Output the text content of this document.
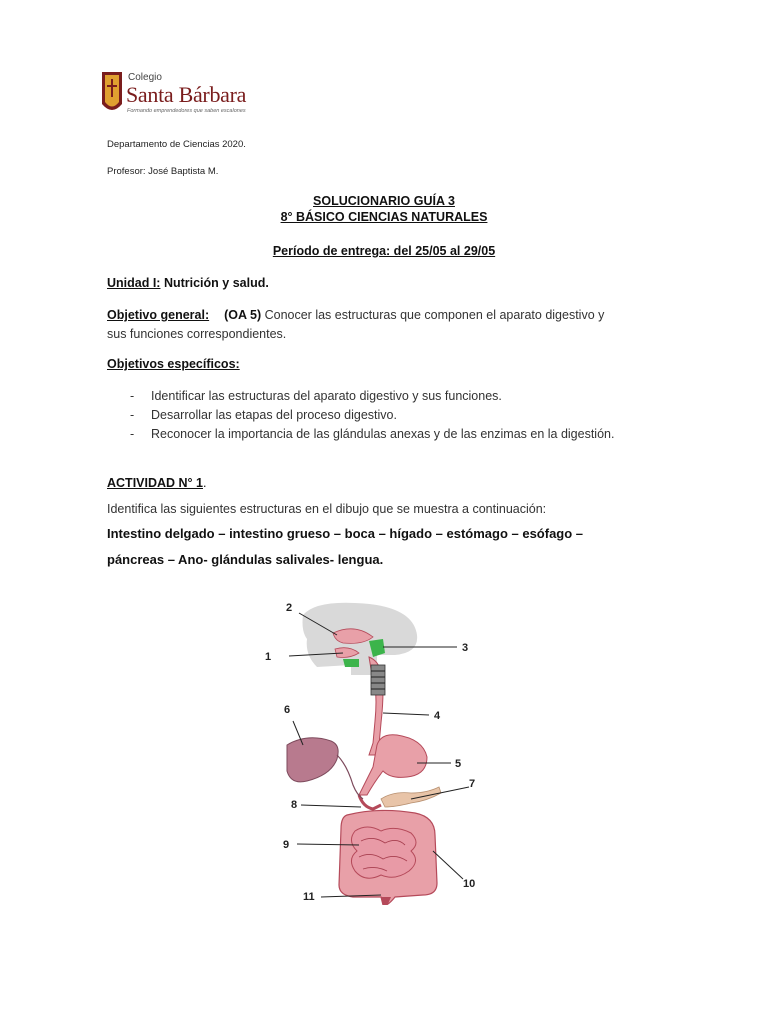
Colegio
Santa Bárbara
Formando emprendedores que saben escalones
Departamento de Ciencias 2020.
Profesor: José Baptista M.
SOLUCIONARIO GUÍA 3
8° BÁSICO CIENCIAS NATURALES
Período de entrega: del 25/05 al 29/05
Unidad I: Nutrición y salud.
Objetivo general: (OA 5) Conocer las estructuras que componen el aparato digestivo y
sus funciones correspondientes.
Objetivos específicos:
- Identificar las estructuras del aparato digestivo y sus funciones.
- Desarrollar las etapas del proceso digestivo.
- Reconocer la importancia de las glándulas anexas y de las enzimas en la digestión.
ACTIVIDAD N° 1.
Identifica las siguientes estructuras en el dibujo que se muestra a continuación:
Intestino delgado – intestino grueso – boca – hígado – estómago – esófago –
páncreas – Ano- glándulas salivales- lengua.
1
2
3
4
5
6
7
8
9
10
11
